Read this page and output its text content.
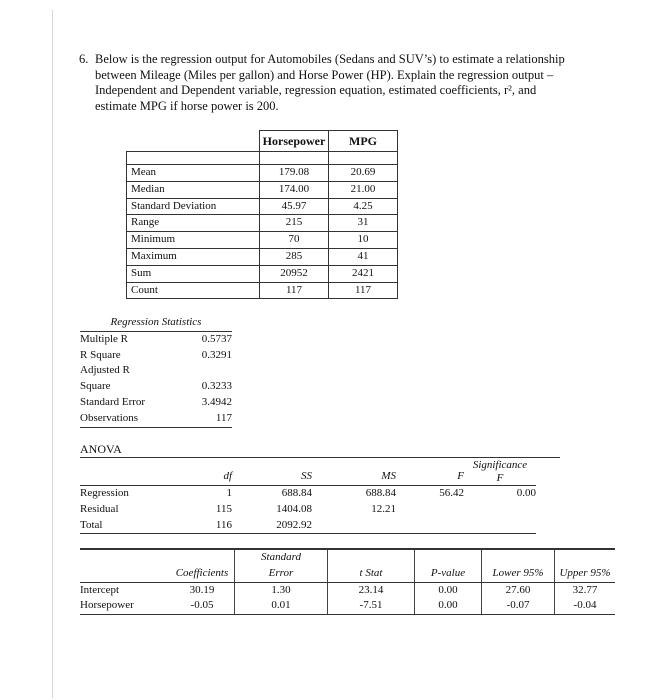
6. Below is the regression output for Automobiles (Sedans and SUV’s) to estimate a relationship between Mileage (Miles per gallon) and Horse Power (HP). Explain the regression output – Independent and Dependent variable, regression equation, estimated coefficients, r², and estimate MPG if horse power is 200.
	Horsepower	MPG

Mean	179.08	20.69
Median	174.00	21.00
Standard Deviation	45.97	4.25
Range	215	31
Minimum	70	10
Maximum	285	41
Sum	20952	2421
Count	117	117
Regression Statistics	
Multiple R	0.5737
R Square	0.3291
Adjusted R	
Square	0.3233
Standard Error	3.4942
Observations	117
ANOVA
	df	SS	MS	F	Significance
F
Regression	1	688.84	688.84	56.42	0.00
Residual	115	1404.08	12.21		
Total	116	2092.92			
		Standard				
	Coefficients	Error	t Stat	P-value	Lower 95%	Upper 95%
Intercept	30.19	1.30	23.14	0.00	27.60	32.77
Horsepower	-0.05	0.01	-7.51	0.00	-0.07	-0.04
